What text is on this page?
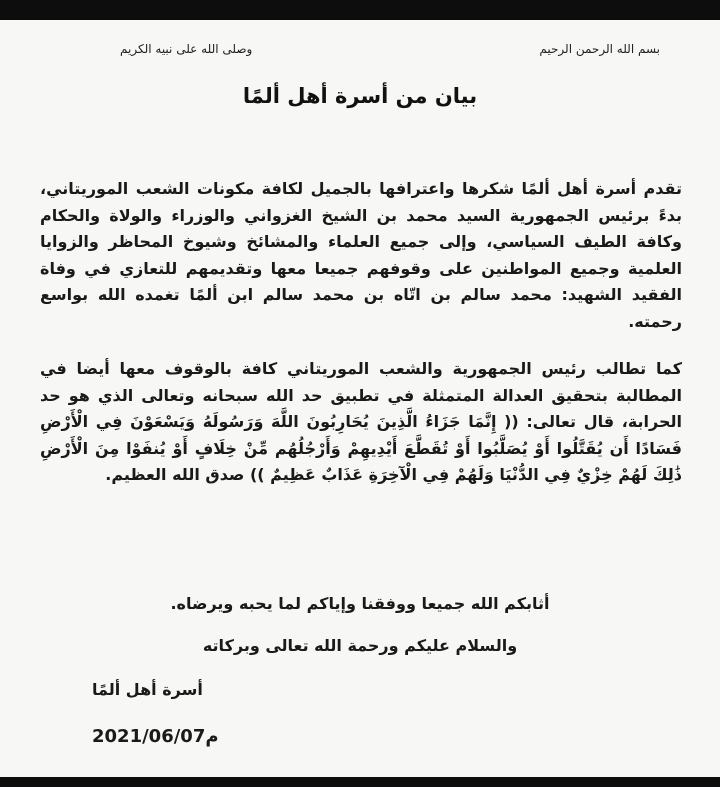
بسم الله الرحمن الرحيم
وصلى الله على نبيه الكريم
بيان من أسرة أهل ألمًا
تقدم أسرة أهل ألمًا شكرها واعترافها بالجميل لكافة مكونات الشعب الموريتاني، بدءً برئيس الجمهورية السيد محمد بن الشيخ الغزواني والوزراء والولاة والحكام وكافة الطيف السياسي، وإلى جميع العلماء والمشائخ وشيوخ المحاظر والزوايا العلمية وجميع المواطنين على وقوفهم جميعا معها وتقديمهم للتعازي في وفاة الفقيد الشهيد: محمد سالم بن اتّاه بن محمد سالم ابن ألمًا تغمده الله بواسع رحمته.
كما تطالب رئيس الجمهورية والشعب الموريتاني كافة بالوقوف معها أيضا في المطالبة بتحقيق العدالة المتمثلة في تطبيق حد الله سبحانه وتعالى الذي هو حد الحرابة، قال تعالى: (( إِنَّمَا جَزَاءُ الَّذِينَ يُحَارِبُونَ اللَّهَ وَرَسُولَهُ وَيَسْعَوْنَ فِي الْأَرْضِ فَسَادًا أَن يُقَتَّلُوا أَوْ يُصَلَّبُوا أَوْ تُقَطَّعَ أَيْدِيهِمْ وَأَرْجُلُهُم مِّنْ خِلَافٍ أَوْ يُنفَوْا مِنَ الْأَرْضِ ذَٰلِكَ لَهُمْ خِزْيٌ فِي الدُّنْيَا وَلَهُمْ فِي الْآخِرَةِ عَذَابٌ عَظِيمٌ )) صدق الله العظيم.
أثابكم الله جميعا ووفقنا وإياكم لما يحبه ويرضاه.
والسلام عليكم ورحمة الله تعالى وبركاته
أسرة أهل ألمًا
2021/06/07م
